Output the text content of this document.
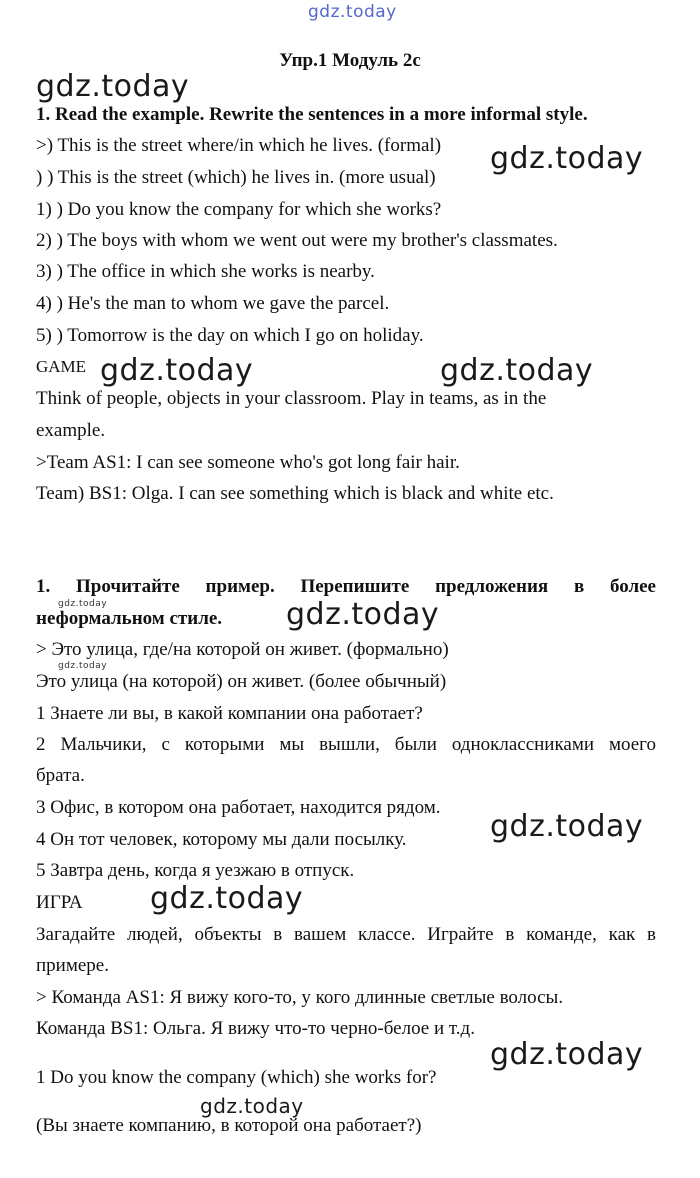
gdz.today
gdz.today
gdz.today
gdz.today	gdz.today
gdz.today	gdz.today
gdz.today
gdz.today
gdz.today
gdz.today
gdz.today
Упр.1 Модуль 2с
1. Read the example. Rewrite the sentences in a more informal style.
>) This is the street where/in which he lives. (formal)
) ) This is the street (which) he lives in. (more usual)
1) ) Do you know the company for which she works?
2) ) The boys with whom we went out were my brother's classmates.
3) ) The office in which she works is nearby.
4) ) He's the man to whom we gave the parcel.
5) ) Tomorrow is the day on which I go on holiday.
GAME
Think of people, objects in your classroom. Play in teams, as in the
example.
>Team AS1: I can see someone who's got long fair hair.
Team) BS1: Olga. I can see something which is black and white etc.
1. Прочитайте пример. Перепишите предложения в более
неформальном стиле.
> Это улица, где/на которой он живет. (формально)
Это улица (на которой) он живет. (более обычный)
1 Знаете ли вы, в какой компании она работает?
2 Мальчики, с которыми мы вышли, были одноклассниками моего
брата.
3 Офис, в котором она работает, находится рядом.
4 Он тот человек, которому мы дали посылку.
5 Завтра день, когда я уезжаю в отпуск.
ИГРА
Загадайте людей, объекты в вашем классе. Играйте в команде, как в
примере.
> Команда AS1: Я вижу кого-то, у кого длинные светлые волосы.
Команда BS1: Ольга. Я вижу что-то черно-белое и т.д.
1 Do you know the company (which) she works for?
(Вы знаете компанию, в которой она работает?)
